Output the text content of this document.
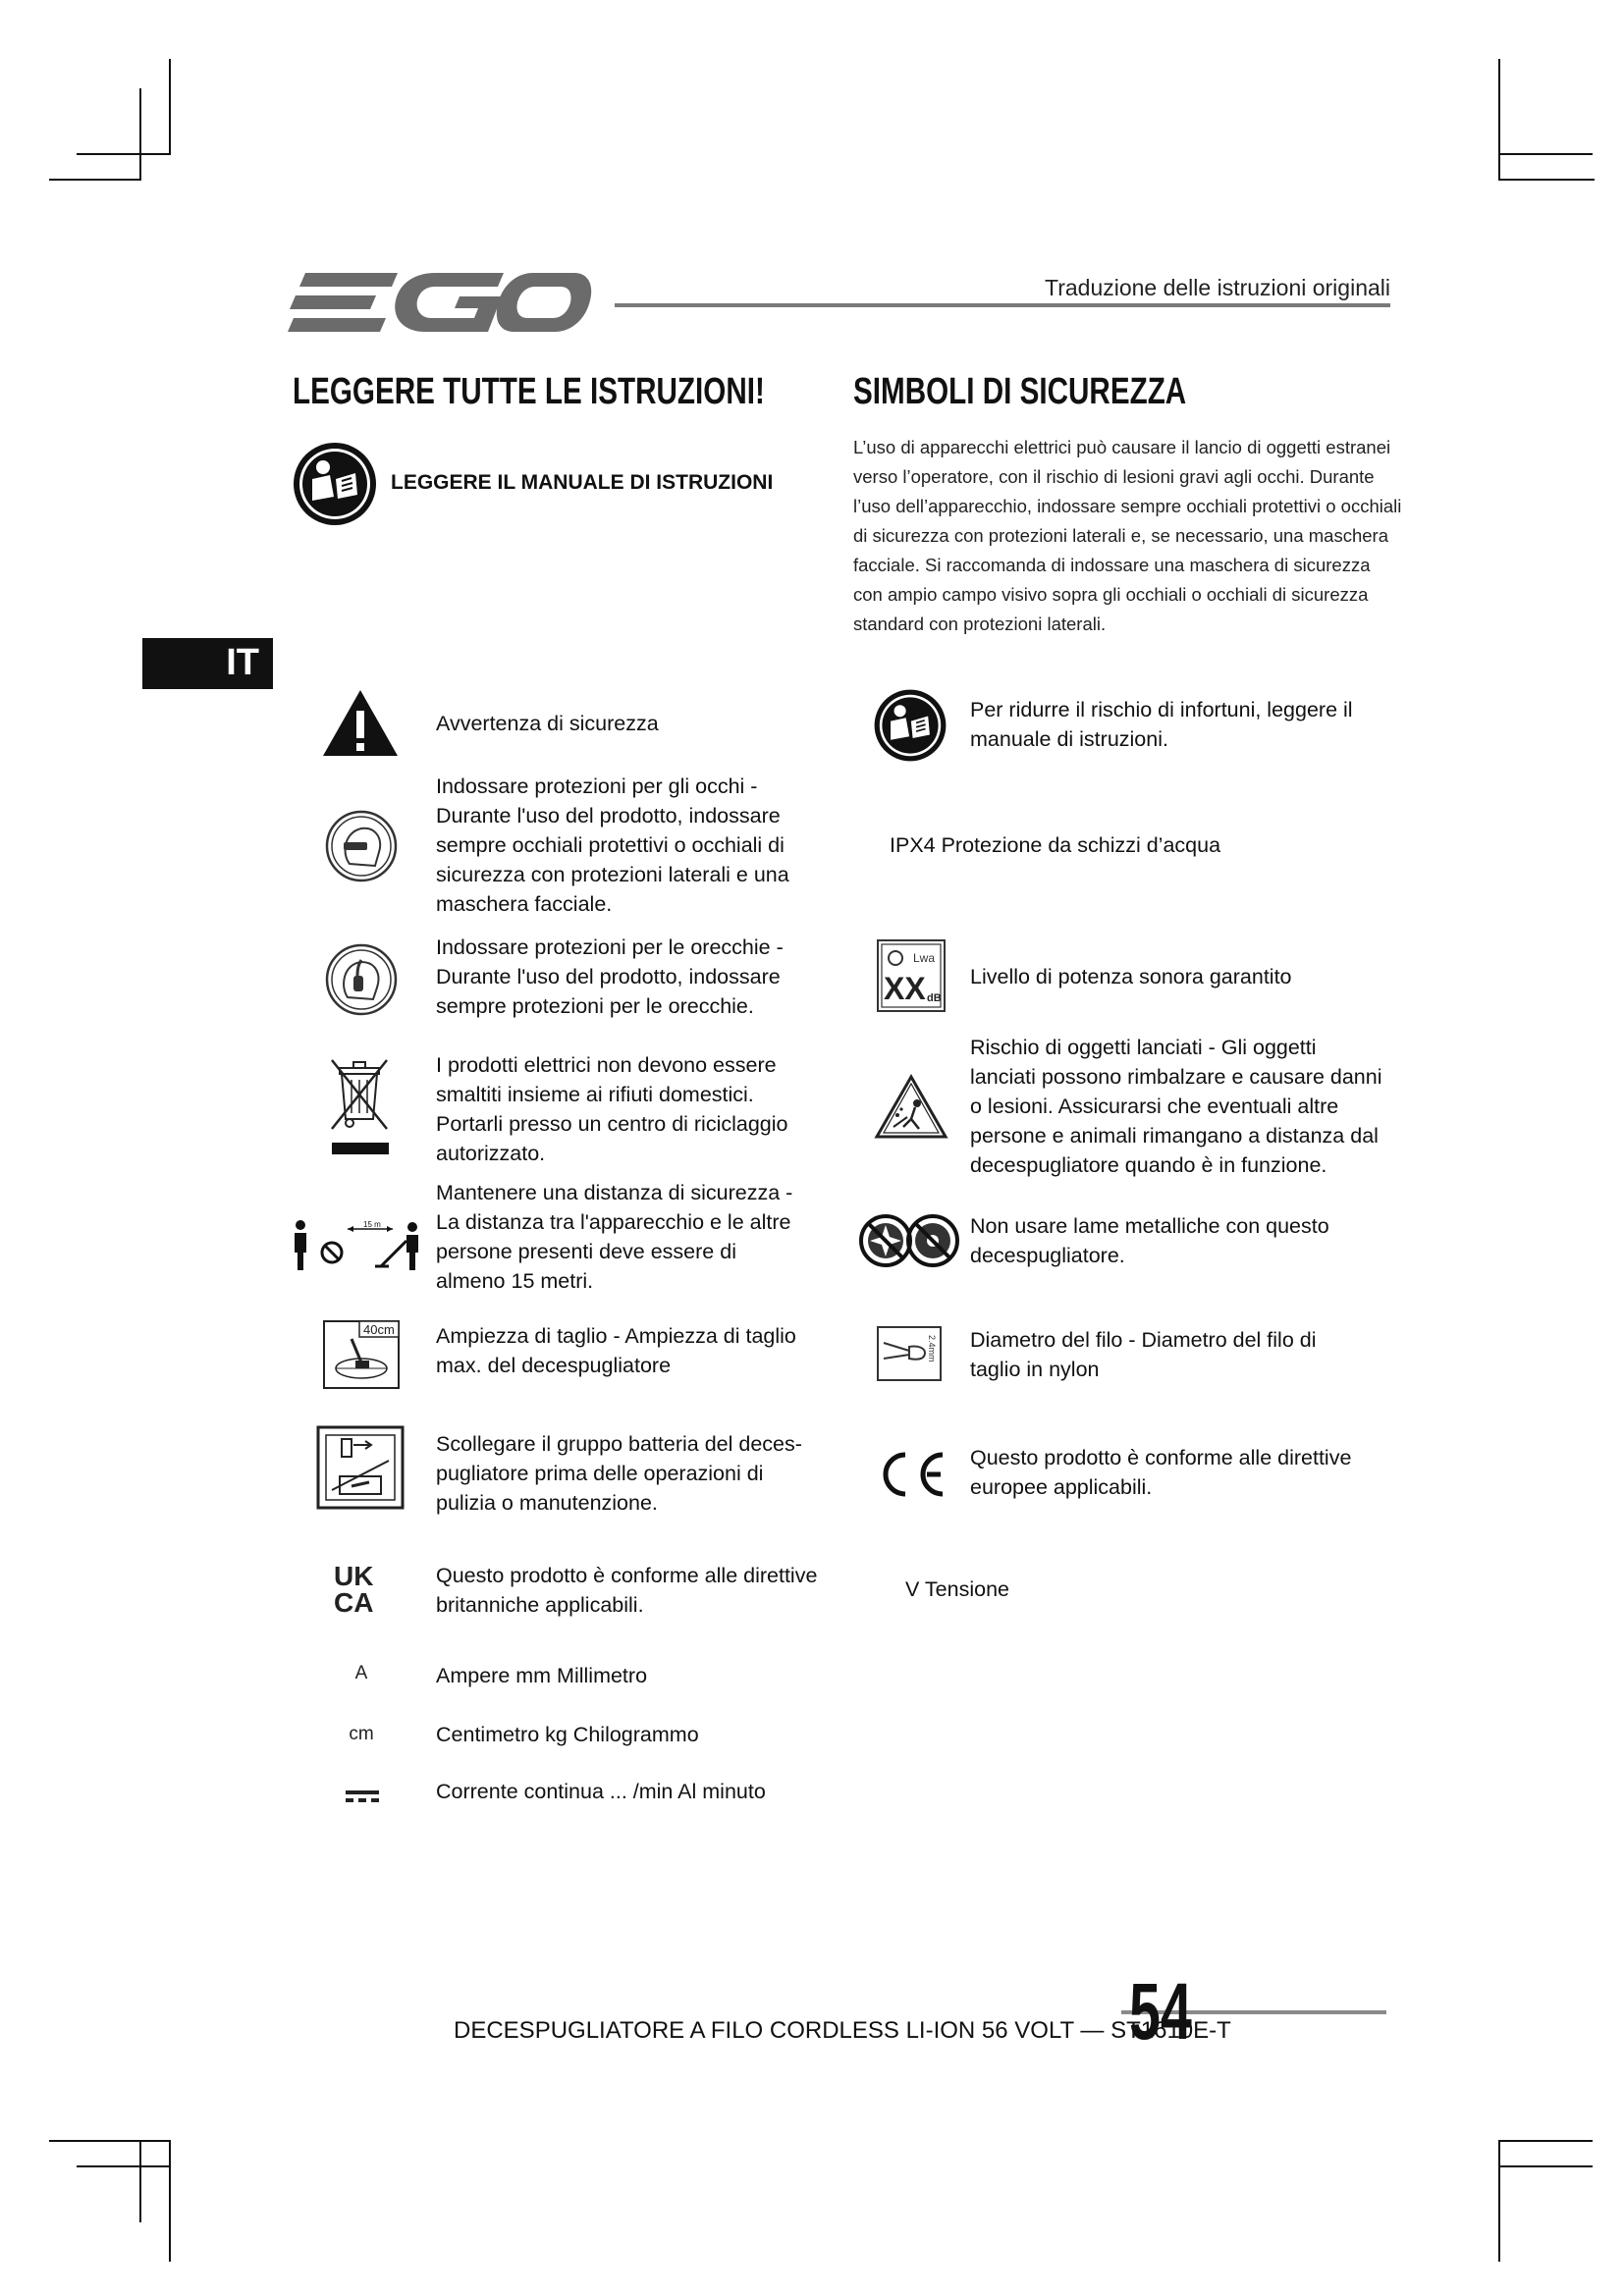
Traduzione delle istruzioni originali
LEGGERE TUTTE LE ISTRUZIONI! SIMBOLI DI SICUREZZA
LEGGERE IL MANUALE DI ISTRUZIONI
L’uso di apparecchi elettrici può causare il lancio di oggetti estranei verso l’operatore, con il rischio di lesioni gravi agli occhi. Durante l’uso dell’apparecchio, indossare sempre occhiali protettivi o occhiali di sicurezza con protezioni laterali e, se necessario, una maschera facciale. Si raccomanda di indossare una maschera di sicurezza con ampio campo visivo sopra gli occhiali o occhiali di sicurezza standard con protezioni laterali.
IT
Avvertenza di sicurezza
Indossare protezioni per gli occhi - Durante l'uso del prodotto, indossare sempre occhiali protettivi o occhiali di sicurezza con protezioni laterali e una maschera facciale.
Indossare protezioni per le orecchie - Durante l'uso del prodotto, indossare sempre protezioni per le orecchie.
I prodotti elettrici non devono essere smaltiti insieme ai rifiuti domestici. Portarli presso un centro di riciclaggio autorizzato.
15 m
Mantenere una distanza di sicurezza - La distanza tra l'apparecchio e le altre persone presenti deve essere di almeno 15 metri.
40cm Ampiezza di taglio - Ampiezza di taglio max. del decespugliatore
Scollegare il gruppo batteria del deces-pugliatore prima delle operazioni di pulizia o manutenzione.
UK
CA
Questo prodotto è conforme alle direttive britanniche applicabili.
A	Ampere mm Millimetro
cm	Centimetro kg Chilogrammo
Corrente continua ... /min Al minuto
Per ridurre il rischio di infortuni, leggere il manuale di istruzioni.
IPX4 Protezione da schizzi d’acqua
Lwa
XX dB
Livello di potenza sonora garantito
Rischio di oggetti lanciati - Gli oggetti lanciati possono rimbalzare e causare danni o lesioni. Assicurarsi che eventuali altre persone e animali rimangano a distanza dal decespugliatore quando è in funzione.
Non usare lame metalliche con questo decespugliatore.
2.4mm Diametro del filo - Diametro del filo di taglio in nylon
Questo prodotto è conforme alle direttive europee applicabili.
V Tensione
DECESPUGLIATORE A FILO CORDLESS LI-ION 56 VOLT — ST1610E-T
54
